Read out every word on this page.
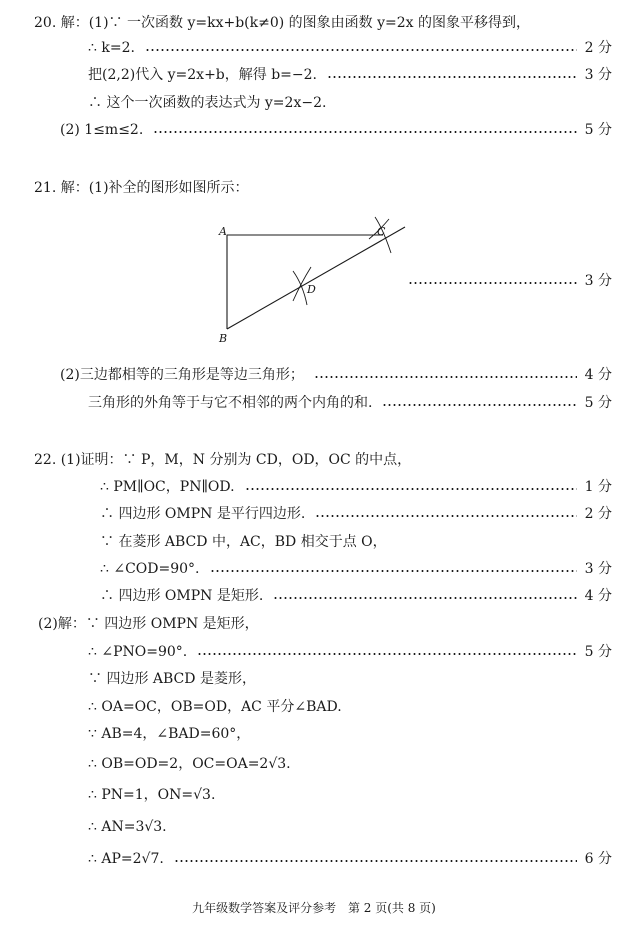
20. 解：(1)∵ 一次函数 y=kx+b(k≠0) 的图象由函数 y=2x 的图象平移得到，
∴ k=2.	2 分
把(2,2)代入 y=2x+b，解得 b=−2.	3 分
∴ 这个一次函数的表达式为 y=2x−2.
(2) 1≤m≤2.	5 分
21. 解：(1)补全的图形如图所示：
A
B
C
D
3 分
(2)三边都相等的三角形是等边三角形；	4 分
三角形的外角等于与它不相邻的两个内角的和.	5 分
22. (1)证明：∵ P，M，N 分别为 CD，OD，OC 的中点，
∴ PM∥OC，PN∥OD.	1 分
∴ 四边形 OMPN 是平行四边形.	2 分
∵ 在菱形 ABCD 中，AC，BD 相交于点 O，
∴ ∠COD=90°.	3 分
∴ 四边形 OMPN 是矩形.	4 分
(2)解：∵ 四边形 OMPN 是矩形，
∴ ∠PNO=90°.	5 分
∵ 四边形 ABCD 是菱形，
∴ OA=OC，OB=OD，AC 平分∠BAD.
∵ AB=4，∠BAD=60°，
∴ OB=OD=2，OC=OA=2√3.
∴ PN=1，ON=√3.
∴ AN=3√3.
∴ AP=2√7.	6 分
九年级数学答案及评分参考 第 2 页(共 8 页)
